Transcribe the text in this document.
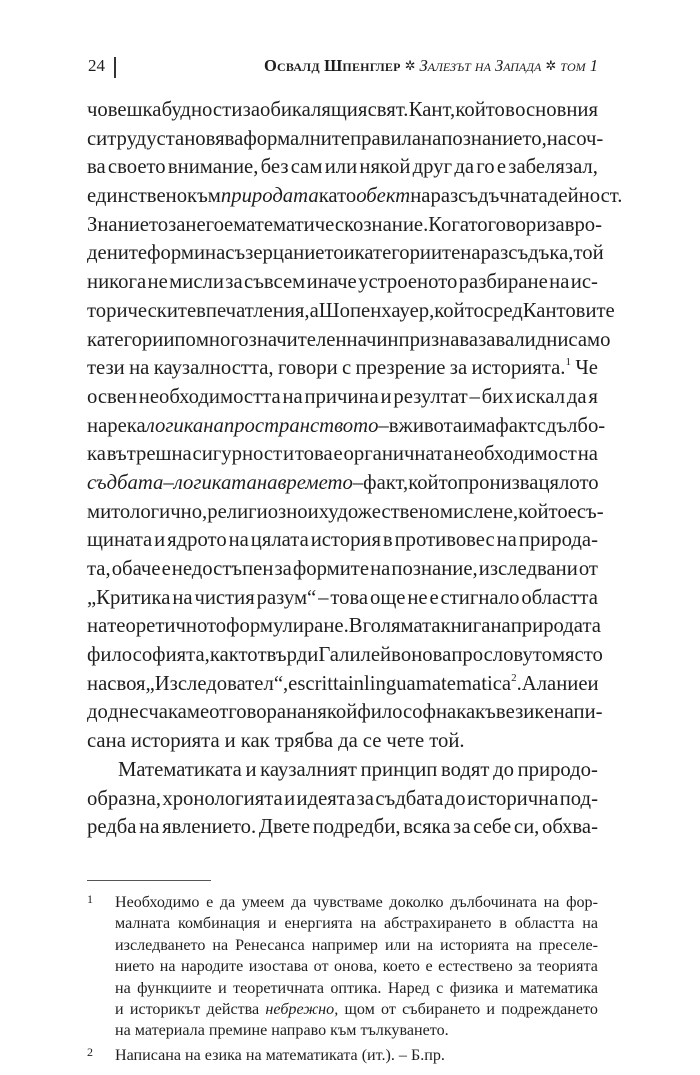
24	Освалд Шпенглер ✲ Залезът на Запада ✲ том 1
човешка будност и заобикалящия свят. Кант, който в основния
си труд установява формалните правила на познанието, насоч-
ва своето внимание, без сам или някой друг да го е забелязал,
единствено към природата като обект на разсъдъчната дейност.
Знанието за него е математическо знание. Когато говори за вро-
дените форми на съзерцанието и категориите на разсъдъка, той
никога не мисли за съвсем иначе устроеното разбиране на ис-
торическите впечатления, а Шопенхауер, който сред Кантовите
категории по многозначителен начин признава за валидни само
тези на каузалността, говори с презрение за историята.$^1$ Че
освен необходимостта на причина и резултат – бих искал да я
нарека логика на пространството – в живота има факт с дълбо-
ка вътрешна сигурност и това е органичната необходимост на
съдбата – логиката на времето – факт, който пронизва цялото
митологично, религиозно и художествено мислене, който е съ-
щината и ядрото на цялата история в противовес на природа-
та, обаче е недостъпен за формите на познание, изследвани от
„Критика на чистия разум“ – това още не е стигнало областта
на теоретичното формулиране. В голямата книга на природата
философията, както твърди Галилей в онова прословуто място
на своя „Изследовател“, е scritta in lingua matematica$^2$. Ала ние и
до днес чакаме отговора на някой философ на какъв език е напи-
сана историята и как трябва да се чете той.
Математиката и каузалният принцип водят до природо-
образна, хронологията и идеята за съдбата до исторична под-
редба на явлението. Двете подредби, всяка за себе си, обхва-
1	Необходимо е да умеем да чувстваме доколко дълбочината на фор-
малната комбинация и енергията на абстрахирането в областта на
изследването на Ренесанса например или на историята на преселе-
нието на народите изостава от онова, което е естествено за теорията
на функциите и теоретичната оптика. Наред с физика и математика
и историкът действа небрежно, щом от събирането и подреждането
на материала премине направо към тълкуването.
2	Написана на езика на математиката (ит.). – Б.пр.
